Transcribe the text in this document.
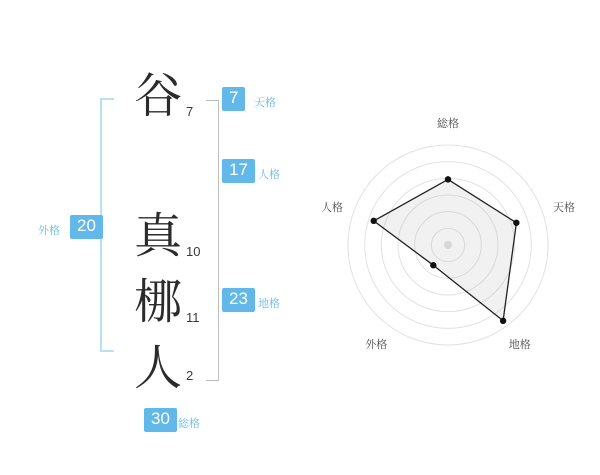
谷
真
梛
人
7
10
11
2
7	天格
17 人格
23 地格
20
外格
30 総格
総格
天格
地格
外格
人格
